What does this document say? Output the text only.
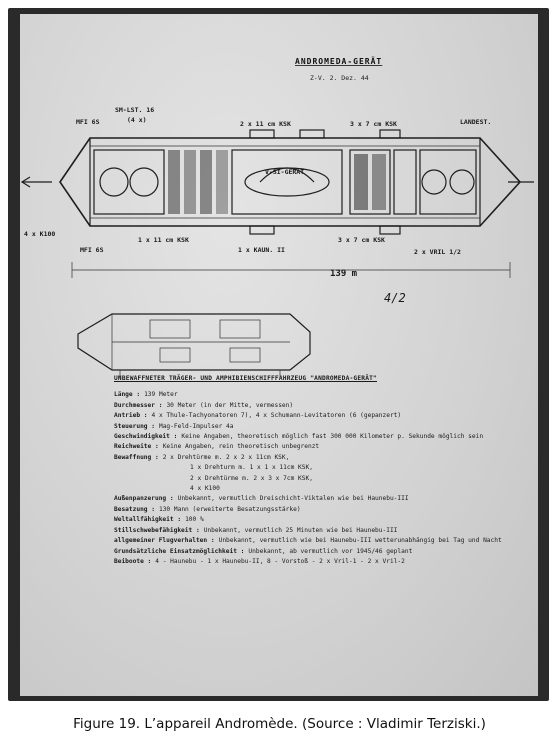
ANDROMEDA-GERÄT
Z-V. 2. Dez. 44
V-SI-GERÄT
MFI 6S
SM-LST. 16
(4 x)	2 x 11 cm KSK	3 x 7 cm KSK	LANDEST.
4 x K100
MFI 6S
1 x 11 cm KSK
1 x KAUN. II
3 x 7 cm KSK
2 x VRIL 1/2
139 m
4/2
UNBEWAFFNETER TRÄGER- UND AMPHIBIENSCHIFFFAHRZEUG "ANDROMEDA-GERÄT"
Länge : 139 Meter
Durchmesser : 30 Meter (in der Mitte, vermessen)
Antrieb : 4 x Thule-Tachyonatoren 7), 4 x Schumann-Levitatoren (6 (gepanzert)
Steuerung : Mag-Feld-Impulser 4a
Geschwindigkeit : Keine Angaben, theoretisch möglich fast 300 000 Kilometer p. Sekunde möglich sein
Reichweite : Keine Angaben, rein theoretisch unbegrenzt
Bewaffnung : 2 x Drehtürme m. 2 x 2 x 11cm KSK,
1 x Drehturm m. 1 x 1 x 11cm KSK,
2 x Drehtürme m. 2 x 3 x 7cm KSK,
4 x K100
Außenpanzerung : Unbekannt, vermutlich Dreischicht-Viktalen wie bei Haunebu-III
Besatzung : 130 Mann (erweiterte Besatzungsstärke)
Weltallfähigkeit : 100 %
Stillschwebefähigkeit : Unbekannt, vermutlich 25 Minuten wie bei Haunebu-III
allgemeiner Flugverhalten : Unbekannt, vermutlich wie bei Haunebu-III wetterunabhängig bei Tag und Nacht
Grundsätzliche Einsatzmöglichkeit : Unbekannt, ab vermutlich vor 1945/46 geplant
Beiboote : 4 - Haunebu - 1 x Haunebu-II, 8 - Vorstoß - 2 x Vril-1 - 2 x Vril-2
Figure 19. L’appareil Andromède. (Source : Vladimir Terziski.)
